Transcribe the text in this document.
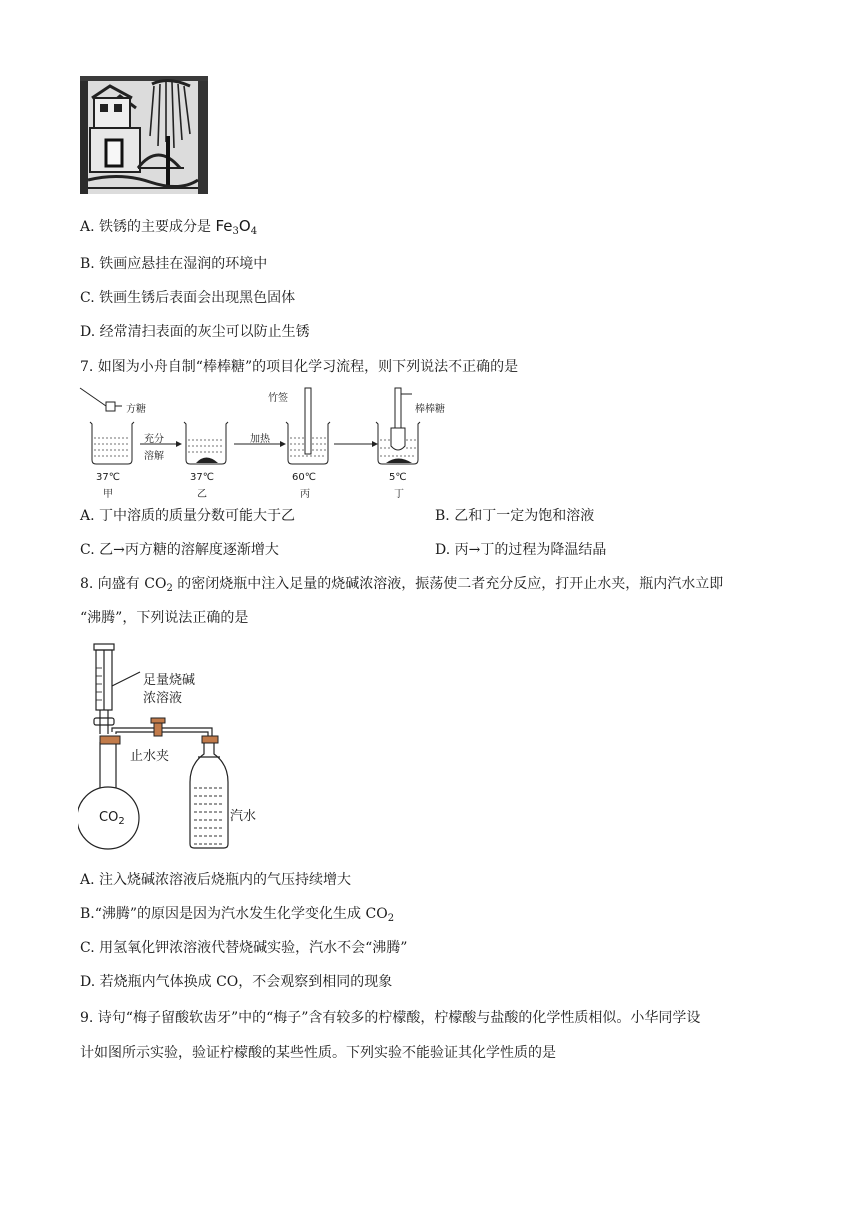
A. 铁锈的主要成分是 $Fe_3O_4$
B. 铁画应悬挂在湿润的环境中
C. 铁画生锈后表面会出现黑色固体
D. 经常清扫表面的灰尘可以防止生锈
7. 如图为小舟自制“棒棒糖”的项目化学习流程，则下列说法不正确的是
方糖
竹签
棒棒糖
充分
溶解
加热
37℃
甲
37℃
乙
60℃
丙
5℃
丁
A. 丁中溶质的质量分数可能大于乙	B. 乙和丁一定为饱和溶液
C. 乙→丙方糖的溶解度逐渐增大	D. 丙→丁的过程为降温结晶
8. 向盛有 $CO_2$ 的密闭烧瓶中注入足量的烧碱浓溶液，振荡使二者充分反应，打开止水夹，瓶内汽水立即
“沸腾”，下列说法正确的是
足量烧碱
浓溶液
止水夹
$CO_2$	汽水
A. 注入烧碱浓溶液后烧瓶内的气压持续增大
B.“沸腾”的原因是因为汽水发生化学变化生成 $CO_2$
C. 用氢氧化钾浓溶液代替烧碱实验，汽水不会“沸腾”
D. 若烧瓶内气体换成 CO，不会观察到相同的现象
9. 诗句“梅子留酸软齿牙”中的“梅子”含有较多的柠檬酸，柠檬酸与盐酸的化学性质相似。小华同学设
计如图所示实验，验证柠檬酸的某些性质。下列实验不能验证其化学性质的是
